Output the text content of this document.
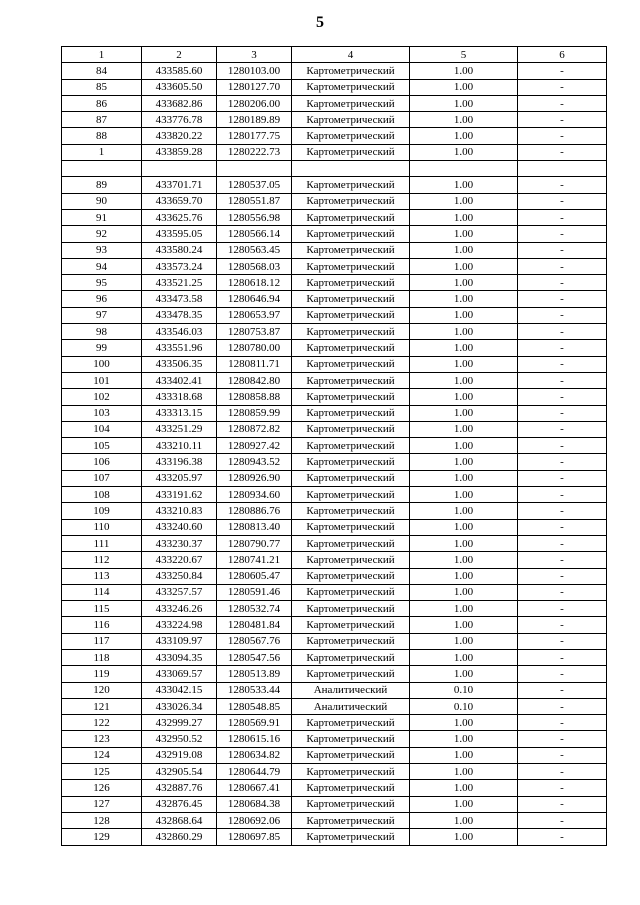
5
1	2	3	4	5	6
84	433585.60	1280103.00	Картометрический	1.00	-
85	433605.50	1280127.70	Картометрический	1.00	-
86	433682.86	1280206.00	Картометрический	1.00	-
87	433776.78	1280189.89	Картометрический	1.00	-
88	433820.22	1280177.75	Картометрический	1.00	-
1	433859.28	1280222.73	Картометрический	1.00	-

89	433701.71	1280537.05	Картометрический	1.00	-
90	433659.70	1280551.87	Картометрический	1.00	-
91	433625.76	1280556.98	Картометрический	1.00	-
92	433595.05	1280566.14	Картометрический	1.00	-
93	433580.24	1280563.45	Картометрический	1.00	-
94	433573.24	1280568.03	Картометрический	1.00	-
95	433521.25	1280618.12	Картометрический	1.00	-
96	433473.58	1280646.94	Картометрический	1.00	-
97	433478.35	1280653.97	Картометрический	1.00	-
98	433546.03	1280753.87	Картометрический	1.00	-
99	433551.96	1280780.00	Картометрический	1.00	-
100	433506.35	1280811.71	Картометрический	1.00	-
101	433402.41	1280842.80	Картометрический	1.00	-
102	433318.68	1280858.88	Картометрический	1.00	-
103	433313.15	1280859.99	Картометрический	1.00	-
104	433251.29	1280872.82	Картометрический	1.00	-
105	433210.11	1280927.42	Картометрический	1.00	-
106	433196.38	1280943.52	Картометрический	1.00	-
107	433205.97	1280926.90	Картометрический	1.00	-
108	433191.62	1280934.60	Картометрический	1.00	-
109	433210.83	1280886.76	Картометрический	1.00	-
110	433240.60	1280813.40	Картометрический	1.00	-
111	433230.37	1280790.77	Картометрический	1.00	-
112	433220.67	1280741.21	Картометрический	1.00	-
113	433250.84	1280605.47	Картометрический	1.00	-
114	433257.57	1280591.46	Картометрический	1.00	-
115	433246.26	1280532.74	Картометрический	1.00	-
116	433224.98	1280481.84	Картометрический	1.00	-
117	433109.97	1280567.76	Картометрический	1.00	-
118	433094.35	1280547.56	Картометрический	1.00	-
119	433069.57	1280513.89	Картометрический	1.00	-
120	433042.15	1280533.44	Аналитический	0.10	-
121	433026.34	1280548.85	Аналитический	0.10	-
122	432999.27	1280569.91	Картометрический	1.00	-
123	432950.52	1280615.16	Картометрический	1.00	-
124	432919.08	1280634.82	Картометрический	1.00	-
125	432905.54	1280644.79	Картометрический	1.00	-
126	432887.76	1280667.41	Картометрический	1.00	-
127	432876.45	1280684.38	Картометрический	1.00	-
128	432868.64	1280692.06	Картометрический	1.00	-
129	432860.29	1280697.85	Картометрический	1.00	-
